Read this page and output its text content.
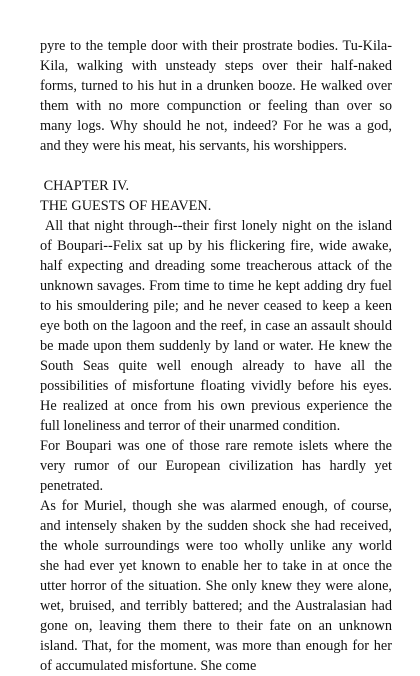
pyre to the temple door with their prostrate bodies. Tu-Kila-Kila, walking with unsteady steps over their half-naked forms, turned to his hut in a drunken booze. He walked over them with no more compunction or feeling than over so many logs. Why should he not, indeed? For he was a god, and they were his meat, his servants, his worshippers.

CHAPTER IV.

THE GUESTS OF HEAVEN.

All that night through--their first lonely night on the island of Boupari--Felix sat up by his flickering fire, wide awake, half expecting and dreading some treacherous attack of the unknown savages. From time to time he kept adding dry fuel to his smouldering pile; and he never ceased to keep a keen eye both on the lagoon and the reef, in case an assault should be made upon them suddenly by land or water. He knew the South Seas quite well enough already to have all the possibilities of misfortune floating vividly before his eyes. He realized at once from his own previous experience the full loneliness and terror of their unarmed condition.

For Boupari was one of those rare remote islets where the very rumor of our European civilization has hardly yet penetrated.

As for Muriel, though she was alarmed enough, of course, and intensely shaken by the sudden shock she had received, the whole surroundings were too wholly unlike any world she had ever yet known to enable her to take in at once the utter horror of the situation. She only knew they were alone, wet, bruised, and terribly battered; and the Australasian had gone on, leaving them there to their fate on an unknown island. That, for the moment, was more than enough for her of accumulated misfortune. She come
